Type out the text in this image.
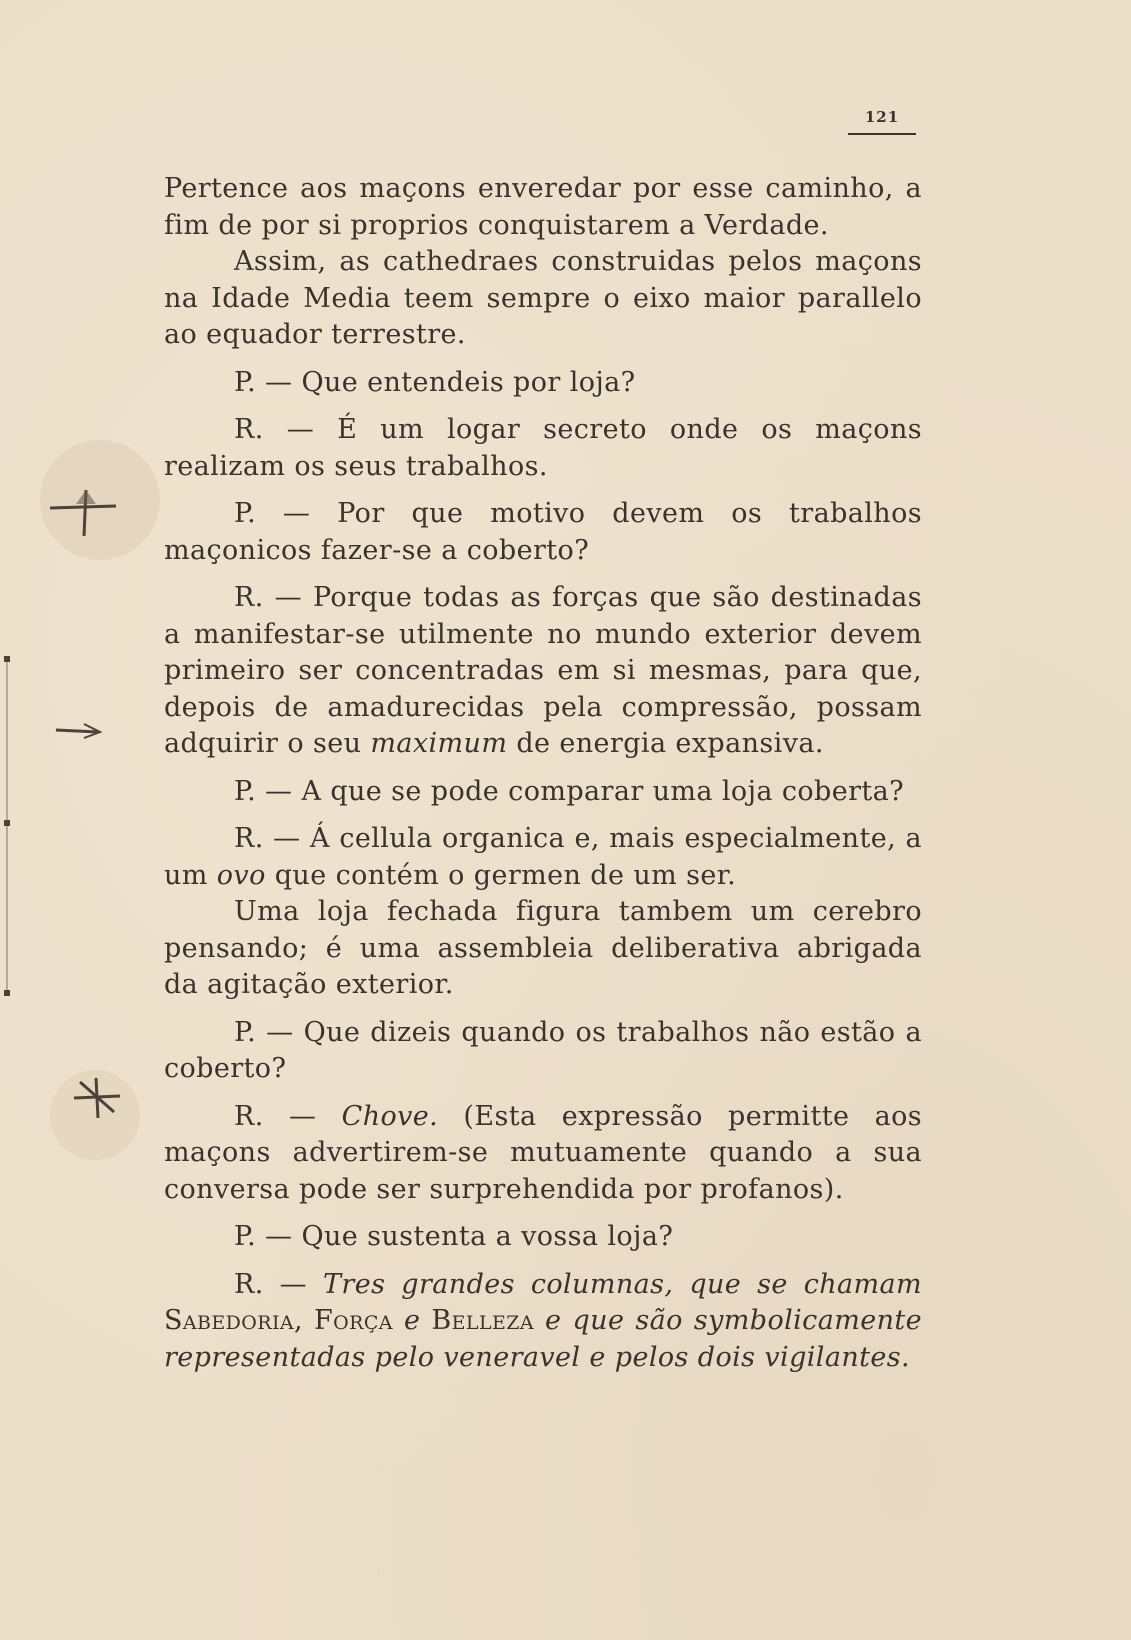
121

Pertence aos maçons enveredar por esse caminho, a fim de por si proprios conquistarem a Verdade.

Assim, as cathedraes construidas pelos maçons na Idade Media teem sempre o eixo maior parallelo ao equador terrestre.

P. — Que entendeis por loja?

R. — É um logar secreto onde os maçons realizam os seus trabalhos.

P. — Por que motivo devem os trabalhos maçonicos fazer-se a coberto?

R. — Porque todas as forças que são destinadas a manifestar-se utilmente no mundo exterior devem primeiro ser concentradas em si mesmas, para que, depois de amadurecidas pela compressão, possam adquirir o seu maximum de energia expansiva.

P. — A que se pode comparar uma loja coberta?

R. — Á cellula organica e, mais especialmente, a um ovo que contém o germen de um ser.

Uma loja fechada figura tambem um cerebro pensando; é uma assembleia deliberativa abrigada da agitação exterior.

P. — Que dizeis quando os trabalhos não estão a coberto?

R. — Chove. (Esta expressão permitte aos maçons advertirem-se mutuamente quando a sua conversa pode ser surprehendida por profanos).

P. — Que sustenta a vossa loja?

R. — Tres grandes columnas, que se chamam Sabedoria, Força e Belleza e que são symbolicamente representadas pelo veneravel e pelos dois vigilantes.
